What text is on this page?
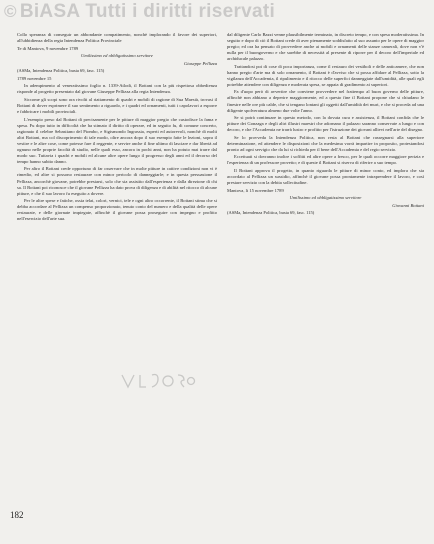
© BiASA Tutti i diritti riservati

Collo speranza di conseguir un abbondante compatimento, nonchè implorando il favore dei superiori, all'ubbidienza della regia Intendenza Politica Provinciale

Te di Mantova, 9 novembre 1789

Umilissimo ed obbligatissimo servitore

Giuseppe Pellizza

(ASMa, Intendenza Politica, busta 69, fasc. 115)

1789 novembre 15

In adempimento al veneratissimo foglio n. 1339-Atlodi, il Bottani con la più rispettosa obbedienza risponde al progetto presentato dal giovane Giuseppe Pellizza alla regia Intendenza.

Siccome gli scopi sono ora rivolti al riattamento di quadri e mobili di ragione di Sua Maestà, trovasi il Bottani di dover esprimere il suo sentimento a riguardo, e i quadri ed ornamenti, tutti i capolavori a esporre e fabbricare i mobili provinciali.

L'esempio preso dal Bottani di precisamente per le pitture di maggior pregio che custodisce la fama e spesa. Fu dopo tutto in difficoltà che ha stimato il diritto di operare, ed in seguito fu, di comune concerto, ragionato il celebre Sebastiano del Piombo, e Sigismondo Ingrassia, esperti ed autorevoli, nonchè di molti altri Bottani, ma col discoprimento di tale modo, oltre ancora dopo il suo esempio fatte le lezioni, sopra il vestire e le altre cose, come potesse fare il reggente, e servire anche il fine ultimo di lasciare e dar libertà ad ognuno nelle proprie facoltà di studio, nelle quali esso, ancora in pochi anni, non ha potuto mai trarre dal modo suo. Tuttavia i quadri e mobili ed alcune altre opere lungo il progresso degli anni ed il decorso del tempo hanno subito danno.

Per altro il Bottani crede opportuno di far osservare che in molte pitture in cattive condizioni non vi è rimedio, ed altre si possono restaurare con minor pericolo di danneggiarle; e in questa persuasione il Pellizza, ancorchè giovane, potrebbe prestarsi, solo che sia assistito dall'esperienza e dalla direzione di chi sa. Il Bottani poi riconosce che il giovane Pellizza ha dato prova di diligenza e di abilità nel ritocco di alcune pitture, e che il suo lavoro fu eseguito a dovere.

Per le altre spese e fatiche, ossia telai, colori, vernici, tele e ogni altro occorrente, il Bottani stima che si debba accordare al Pellizza un compenso proporzionato, tenuto conto del numero e della qualità delle opere restaurate, e delle giornate impiegate, affinchè il giovane possa proseguire con impegno e profitto nell'esercizio dell'arte sua.

dal diligente Carlo Bazzi venne plausibilmente terminato, in discreto tempo, e con spesa moderatissima. In seguito e dopo di ciò il Bottani crede di aver pienamente soddisfatto al suo assunto per le opere di maggior pregio; ed ora ha pensato di provvedere anche ai mobili e ornamenti delle stanze camerali, dove non v'è nulla per il buongoverno e che sarebbe di necessità al presente di riporre per il decoro dell'imperiale ed archiducale palazzo.

Trattandosi poi di cose di poca importanza, come il restauro dei vestiboli e delle anticamere, che non hanno pregio d'arte ma di solo ornamento, il Bottani è d'avviso che si possa affidare al Pellizza, sotto la vigilanza dell'Accademia, il ripulimento e il ritocco delle superfici danneggiate dall'umidità, alle quali egli potrebbe attendere con diligenza e moderata spesa, se appaia di gradimento ai superiori.

Fa d'uopo però di avvertire che conviene provvedere nel frattempo al buon governo delle pitture, affinchè non abbiano a deperire maggiormente, ed a questo fine il Bottani propone che si chiudano le finestre nelle ore più calde, che si tengano lontani gli oggetti dall'umidità dei muri, e che si proceda ad una diligente spolveratura almeno due volte l'anno.

Se si potrà continuare in questo metodo, con la dovuta cura e assistenza, il Bottani confida che le pitture dei Gonzaga e degli altri illustri maestri che adornano il palazzo saranno conservate a lungo e con decoro, e che l'Accademia ne trarrà lustro e profitto per l'istruzione dei giovani allievi nell'arte del disegno.

Se lo provveda la Intendenza Politica, non resta al Bottani che rassegnarsi alla superiore determinazione, ed attendere le disposizioni che la medesima vorrà impartire in proposito, protestandosi pronto ad ogni servigio che da lui si richieda per il bene dell'Accademia e del regio servizio.

Eccettuati si dovranno inoltre i soffitti ed altre opere a fresco, per le quali occorre maggiore perizia e l'esperienza di un professore provetto; e di queste il Bottani si riserva di riferire a suo tempo.

Il Bottani approva il progetto, in quanto riguarda le pitture di minor conto, ed implora che sia accordato al Pellizza un sussidio, affinchè il giovane possa prontamente intraprendere il lavoro, e così prestare servizio con la debita sollecitudine.

Mantova, li 15 novembre 1789

Umilissimo ed obbligatissimo servitore

Giovanni Bottani

(ASMa, Intendenza Politica, busta 69, fasc. 115)

182
